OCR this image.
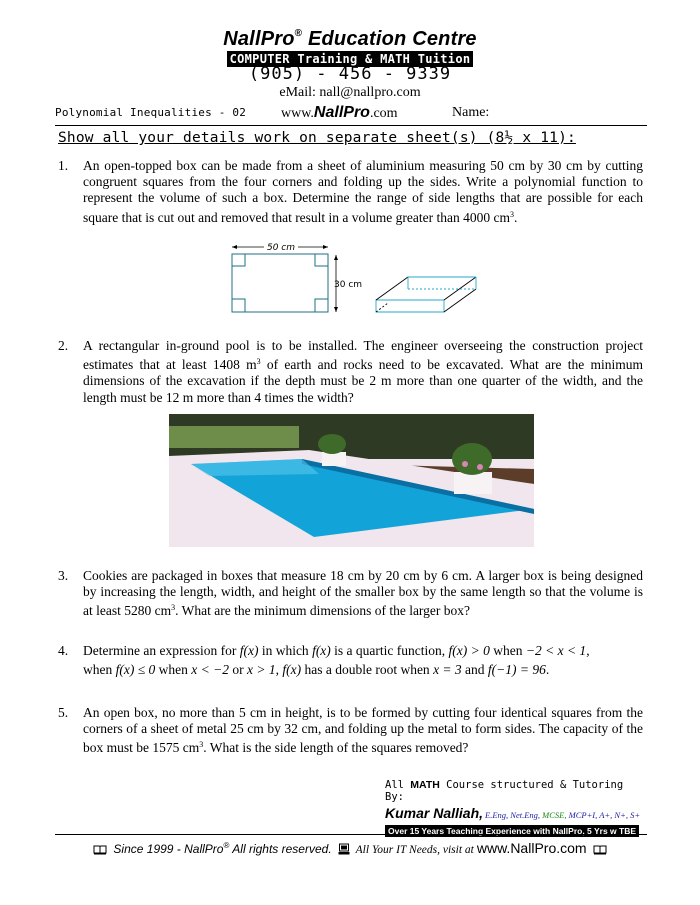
NallPro® Education Centre
COMPUTER Training & MATH Tuition
(905) - 456 - 9339
eMail: nall@nallpro.com
Polynomial Inequalities - 02 www.NallPro.com	Name:
Show all your details work on separate sheet(s) (8½ x 11):
1. An open-topped box can be made from a sheet of aluminium measuring 50 cm by 30 cm by cutting congruent squares from the four corners and folding up the sides. Write a polynomial function to represent the volume of such a box. Determine the range of side lengths that are possible for each square that is cut out and removed that result in a volume greater than 4000 $cm^3$.
50 cm
30 cm
2. A rectangular in-ground pool is to be installed. The engineer overseeing the construction project estimates that at least 1408 $m^3$ of earth and rocks need to be excavated. What are the minimum dimensions of the excavation if the depth must be 2 m more than one quarter of the width, and the length must be 12 m more than 4 times the width?
3. Cookies are packaged in boxes that measure 18 cm by 20 cm by 6 cm. A larger box is being designed by increasing the length, width, and height of the smaller box by the same length so that the volume is at least 5280 $cm^3$. What are the minimum dimensions of the larger box?
4. Determine an expression for f(x) in which f(x) is a quartic function, f(x) > 0 when −2 < x < 1,
when f(x) ≤ 0 when x < −2 or x > 1, f(x) has a double root when x = 3 and f(−1) = 96.
5. An open box, no more than 5 cm in height, is to be formed by cutting four identical squares from the corners of a sheet of metal 25 cm by 32 cm, and folding up the metal to form sides. The capacity of the box must be 1575 $cm^3$. What is the side length of the squares removed?
All MATH Course structured & Tutoring
By:
Kumar Nalliah, E.Eng, Net.Eng, MCSE, MCP+I, A+, N+, S+
Over 15 Years Teaching Experience with NallPro, 5 Yrs w TBE
Since 1999 - NallPro® All rights reserved. All Your IT Needs, visit at www.NallPro.com
